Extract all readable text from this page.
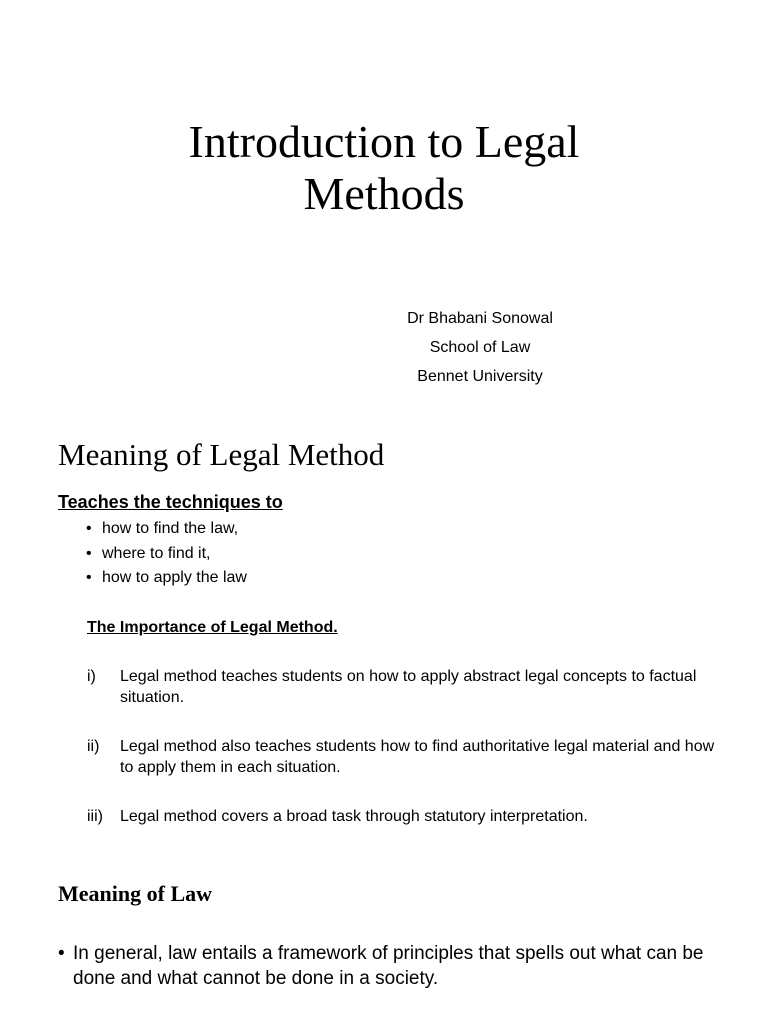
Introduction to Legal
Methods
Dr Bhabani Sonowal
School of Law
Bennet University
Meaning of Legal Method
Teaches the techniques to
• how to find the law,
• where to find it,
• how to apply the law
The Importance of Legal Method.
i)	Legal method teaches students on how to apply abstract legal concepts to factual situation.
ii)	Legal method also teaches students how to find authoritative legal material and how to apply them in each situation.
iii)	Legal method covers a broad task through statutory interpretation.
Meaning of Law
• In general, law entails a framework of principles that spells out what can be done and what cannot be done in a society.
